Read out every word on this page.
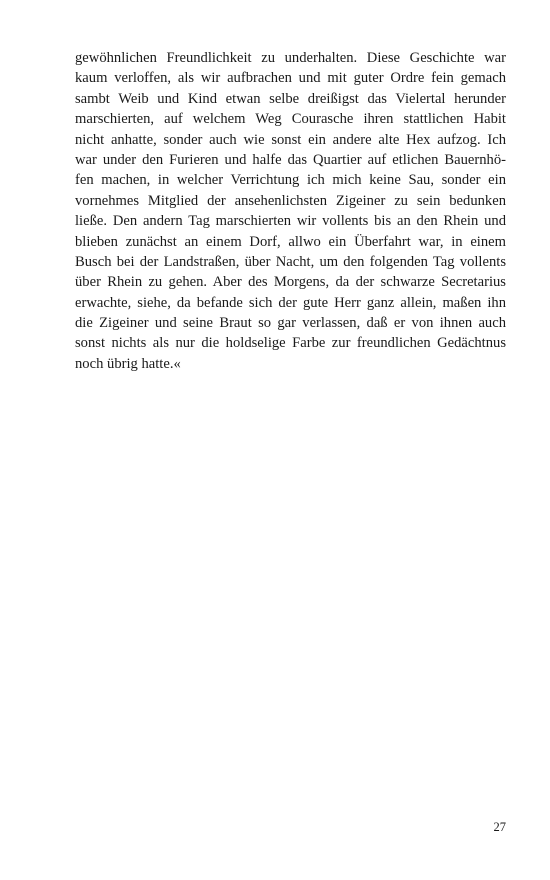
gewöhnlichen Freundlichkeit zu underhalten. Diese Geschichte war
kaum verloffen, als wir aufbrachen und mit guter Ordre fein gemach
sambt Weib und Kind etwan selbe dreißigst das Vielertal herunder
marschierten, auf welchem Weg Courasche ihren stattlichen Habit
nicht anhatte, sonder auch wie sonst ein andere alte Hex aufzog. Ich
war under den Furieren und halfe das Quartier auf etlichen Bauernhö-
fen machen, in welcher Verrichtung ich mich keine Sau, sonder ein
vornehmes Mitglied der ansehenlichsten Zigeiner zu sein bedunken
ließe. Den andern Tag marschierten wir vollents bis an den Rhein und
blieben zunächst an einem Dorf, allwo ein Überfahrt war, in einem
Busch bei der Landstraßen, über Nacht, um den folgenden Tag vollents
über Rhein zu gehen. Aber des Morgens, da der schwarze Secretarius
erwachte, siehe, da befande sich der gute Herr ganz allein, maßen ihn
die Zigeiner und seine Braut so gar verlassen, daß er von ihnen auch
sonst nichts als nur die holdselige Farbe zur freundlichen Gedächtnus
noch übrig hatte.«
27
